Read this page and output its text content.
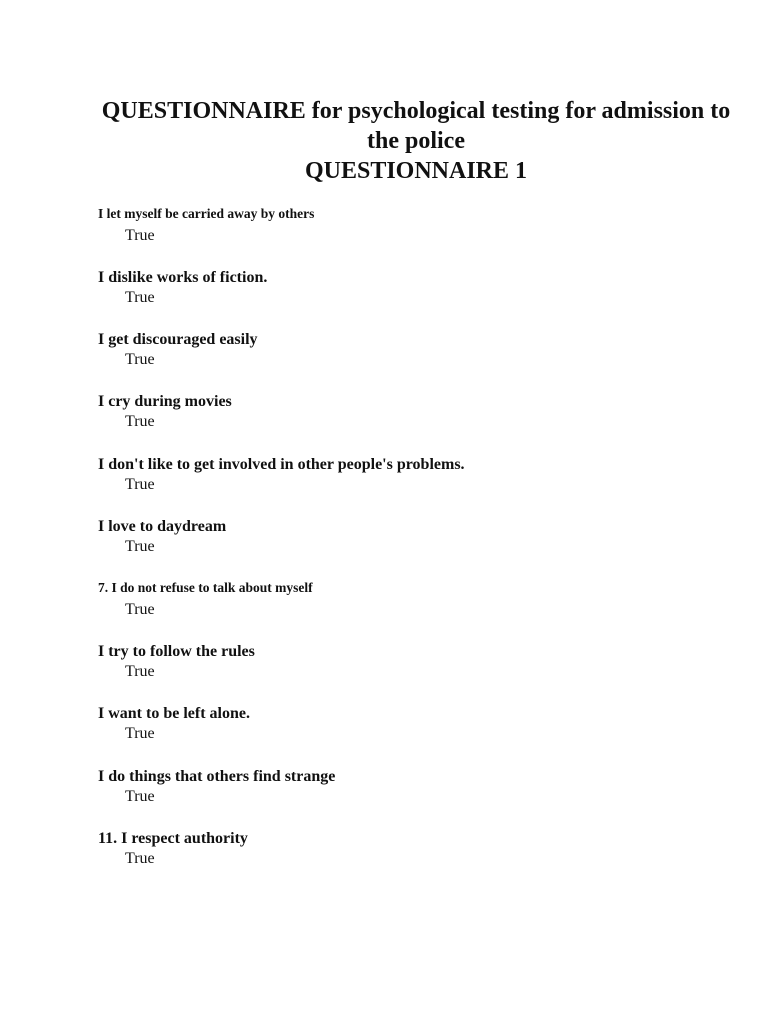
QUESTIONNAIRE for psychological testing for admission to the police
QUESTIONNAIRE 1
I let myself be carried away by others
True
I dislike works of fiction.
True
I get discouraged easily
True
I cry during movies
True
I don't like to get involved in other people's problems.
True
I love to daydream
True
7. I do not refuse to talk about myself
True
I try to follow the rules
True
I want to be left alone.
True
I do things that others find strange
True
11. I respect authority
True
